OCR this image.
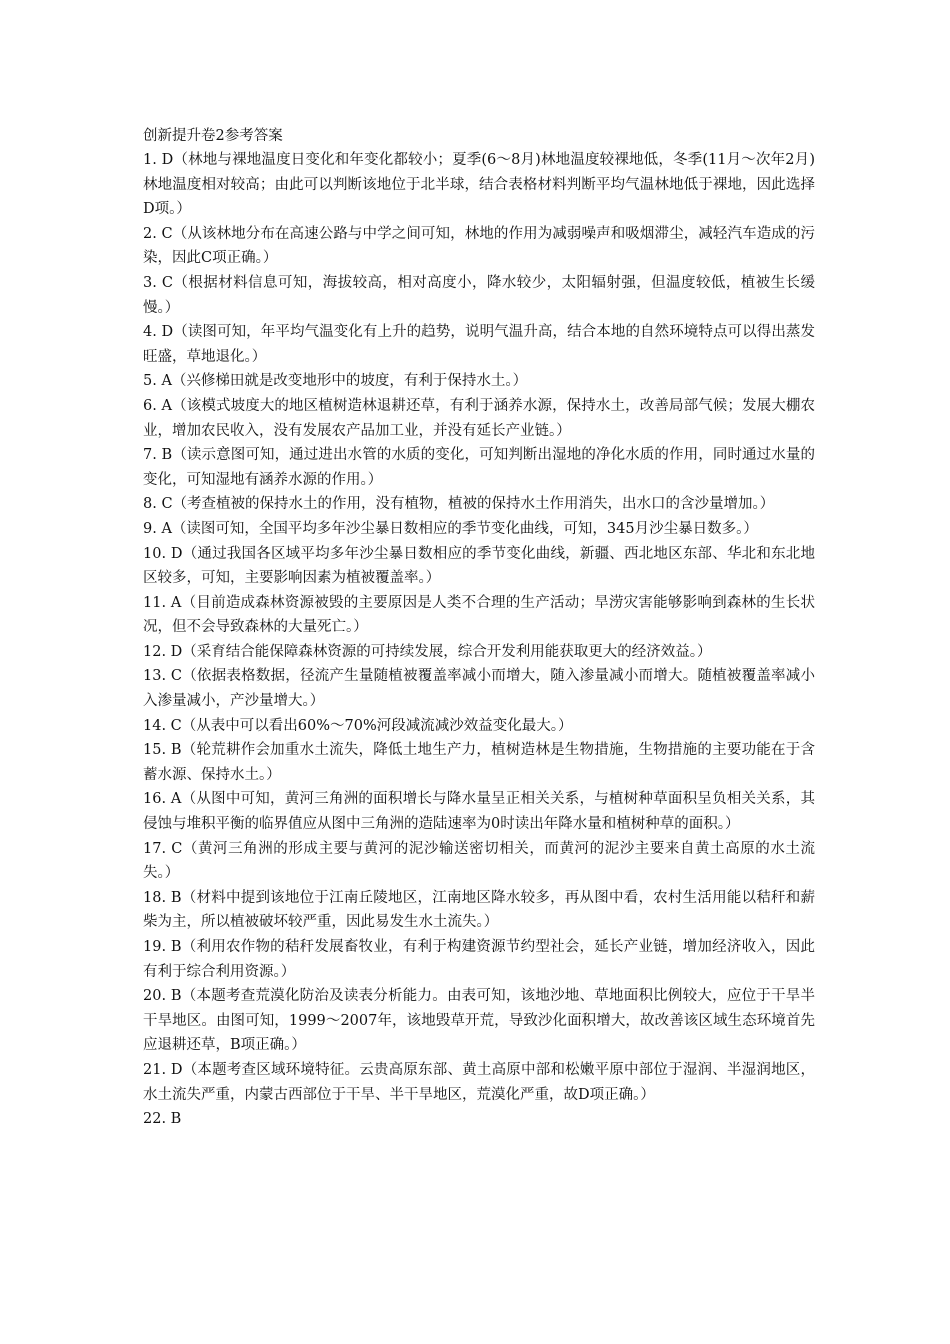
创新提升卷2参考答案

1. D（林地与裸地温度日变化和年变化都较小；夏季(6～8月)林地温度较裸地低，冬季(11月～次年2月)林地温度相对较高；由此可以判断该地位于北半球，结合表格材料判断平均气温林地低于裸地，因此选择D项。）

2. C（从该林地分布在高速公路与中学之间可知，林地的作用为减弱噪声和吸烟滞尘，减轻汽车造成的污染，因此C项正确。）

3. C（根据材料信息可知，海拔较高，相对高度小，降水较少，太阳辐射强，但温度较低，植被生长缓慢。）

4. D（读图可知，年平均气温变化有上升的趋势，说明气温升高，结合本地的自然环境特点可以得出蒸发旺盛，草地退化。）

5. A（兴修梯田就是改变地形中的坡度，有利于保持水土。）

6. A（该模式坡度大的地区植树造林退耕还草，有利于涵养水源，保持水土，改善局部气候；发展大棚农业，增加农民收入，没有发展农产品加工业，并没有延长产业链。）

7. B（读示意图可知，通过进出水管的水质的变化，可知判断出湿地的净化水质的作用，同时通过水量的变化，可知湿地有涵养水源的作用。）

8. C（考查植被的保持水土的作用，没有植物，植被的保持水土作用消失，出水口的含沙量增加。）

9. A（读图可知，全国平均多年沙尘暴日数相应的季节变化曲线，可知，345月沙尘暴日数多。）

10. D（通过我国各区域平均多年沙尘暴日数相应的季节变化曲线，新疆、西北地区东部、华北和东北地区较多，可知，主要影响因素为植被覆盖率。）

11. A（目前造成森林资源被毁的主要原因是人类不合理的生产活动；旱涝灾害能够影响到森林的生长状况，但不会导致森林的大量死亡。）

12. D（采育结合能保障森林资源的可持续发展，综合开发利用能获取更大的经济效益。）

13. C（依据表格数据，径流产生量随植被覆盖率减小而增大，随入渗量减小而增大。随植被覆盖率减小入渗量减小，产沙量增大。）

14. C（从表中可以看出60%～70%河段减流减沙效益变化最大。）

15. B（轮荒耕作会加重水土流失，降低土地生产力，植树造林是生物措施，生物措施的主要功能在于含蓄水源、保持水土。）

16. A（从图中可知，黄河三角洲的面积增长与降水量呈正相关关系，与植树种草面积呈负相关关系，其侵蚀与堆积平衡的临界值应从图中三角洲的造陆速率为0时读出年降水量和植树种草的面积。）

17. C（黄河三角洲的形成主要与黄河的泥沙输送密切相关，而黄河的泥沙主要来自黄土高原的水土流失。）

18. B（材料中提到该地位于江南丘陵地区，江南地区降水较多，再从图中看，农村生活用能以秸秆和薪柴为主，所以植被破坏较严重，因此易发生水土流失。）

19. B（利用农作物的秸秆发展畜牧业，有利于构建资源节约型社会，延长产业链，增加经济收入，因此有利于综合利用资源。）

20. B（本题考查荒漠化防治及读表分析能力。由表可知，该地沙地、草地面积比例较大，应位于干旱半干旱地区。由图可知，1999～2007年，该地毁草开荒，导致沙化面积增大，故改善该区域生态环境首先应退耕还草，B项正确。）

21. D（本题考查区域环境特征。云贵高原东部、黄土高原中部和松嫩平原中部位于湿润、半湿润地区，水土流失严重，内蒙古西部位于干旱、半干旱地区，荒漠化严重，故D项正确。）

22. B
